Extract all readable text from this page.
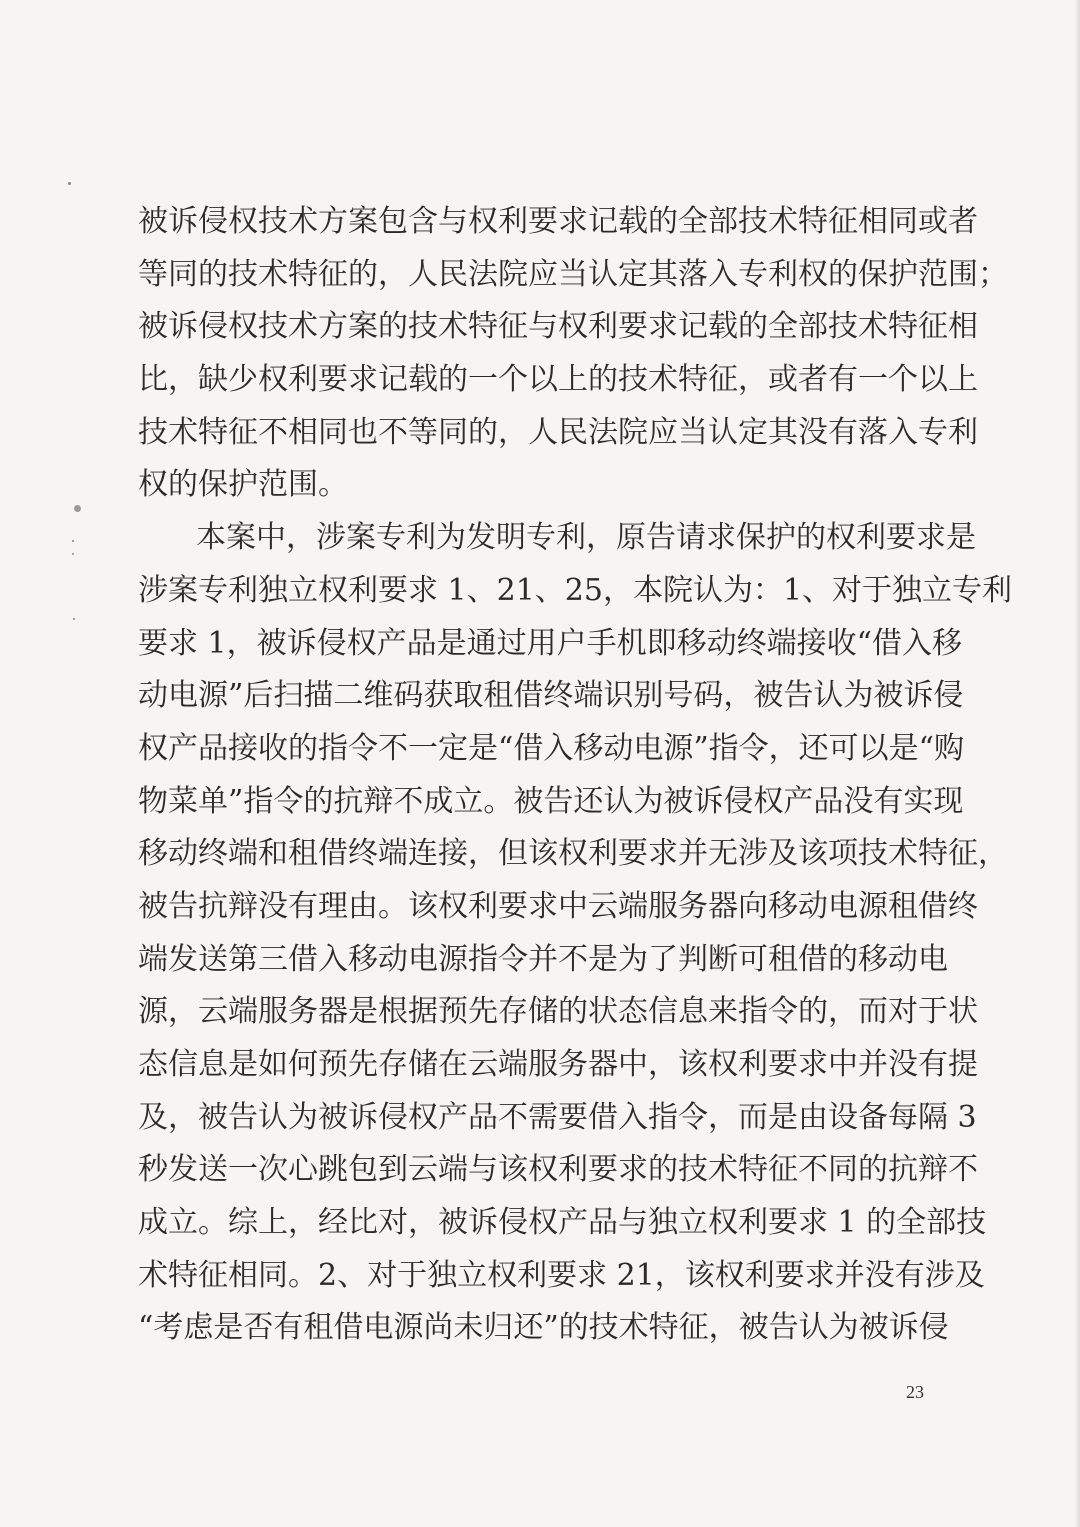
被诉侵权技术方案包含与权利要求记载的全部技术特征相同或者
等同的技术特征的，人民法院应当认定其落入专利权的保护范围；
被诉侵权技术方案的技术特征与权利要求记载的全部技术特征相
比，缺少权利要求记载的一个以上的技术特征，或者有一个以上
技术特征不相同也不等同的，人民法院应当认定其没有落入专利
权的保护范围。
本案中，涉案专利为发明专利，原告请求保护的权利要求是
涉案专利独立权利要求 1、21、25，本院认为：1、对于独立专利
要求 1，被诉侵权产品是通过用户手机即移动终端接收“借入移
动电源”后扫描二维码获取租借终端识别号码，被告认为被诉侵
权产品接收的指令不一定是“借入移动电源”指令，还可以是“购
物菜单”指令的抗辩不成立。被告还认为被诉侵权产品没有实现
移动终端和租借终端连接，但该权利要求并无涉及该项技术特征，
被告抗辩没有理由。该权利要求中云端服务器向移动电源租借终
端发送第三借入移动电源指令并不是为了判断可租借的移动电
源，云端服务器是根据预先存储的状态信息来指令的，而对于状
态信息是如何预先存储在云端服务器中，该权利要求中并没有提
及，被告认为被诉侵权产品不需要借入指令，而是由设备每隔 3
秒发送一次心跳包到云端与该权利要求的技术特征不同的抗辩不
成立。综上，经比对，被诉侵权产品与独立权利要求 1 的全部技
术特征相同。2、对于独立权利要求 21，该权利要求并没有涉及
“考虑是否有租借电源尚未归还”的技术特征，被告认为被诉侵
23
